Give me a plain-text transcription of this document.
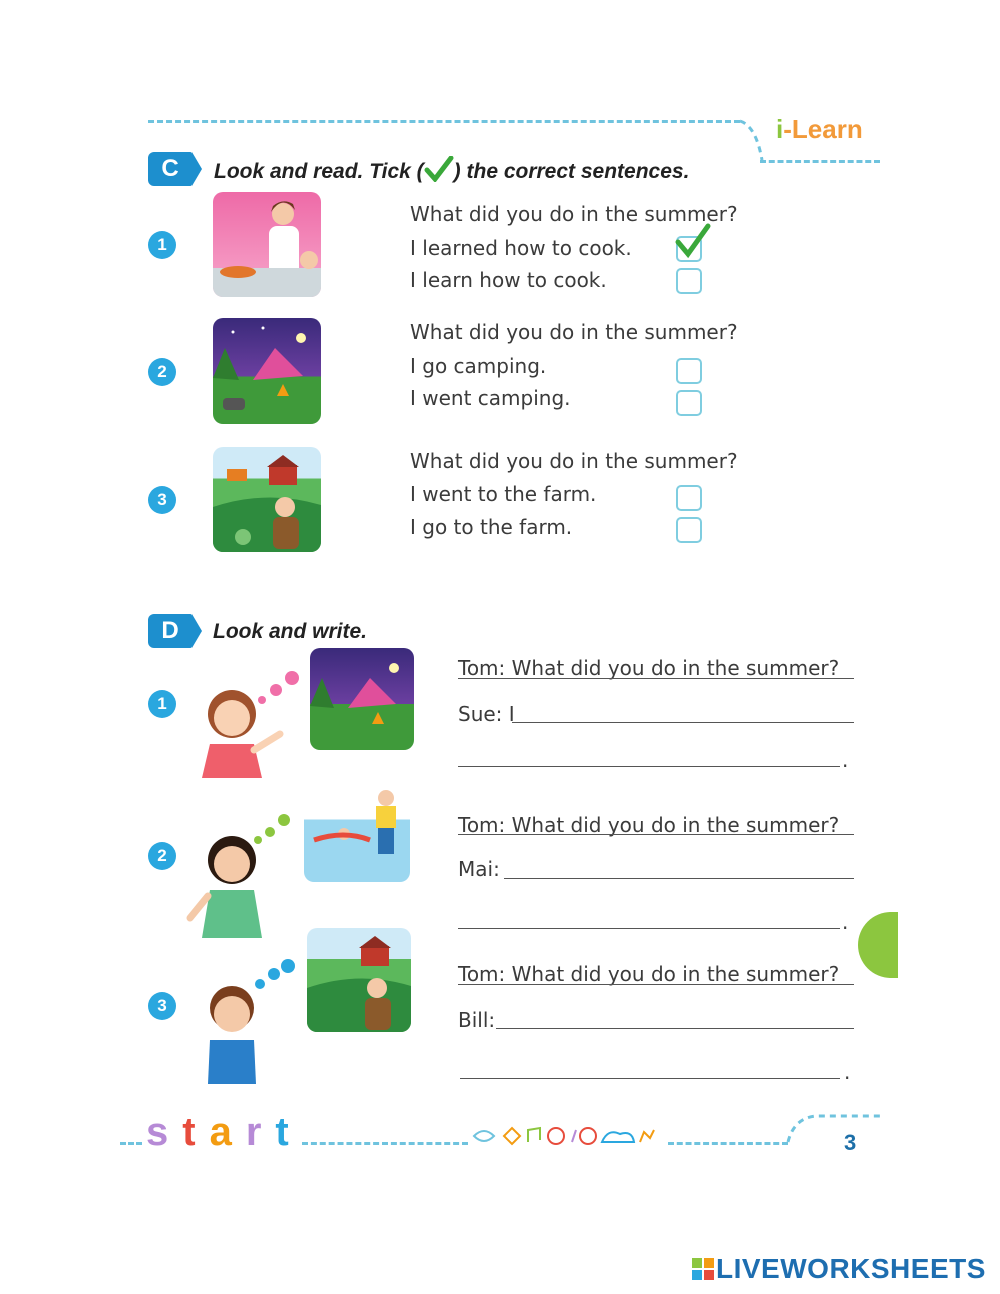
i-Learn
C	Look and read. Tick ( ) the correct sentences.
1
What did you do in the summer?
I learned how to cook.
I learn how to cook.
2
What did you do in the summer?
I go camping.
I went camping.
3
What did you do in the summer?
I went to the farm.
I go to the farm.
D	Look and write.
1
Tom: What did you do in the summer?
Sue: I
.
2
Tom: What did you do in the summer?
Mai:
.
3
Tom: What did you do in the summer?
Bill:
.
start	3
LIVEWORKSHEETS
